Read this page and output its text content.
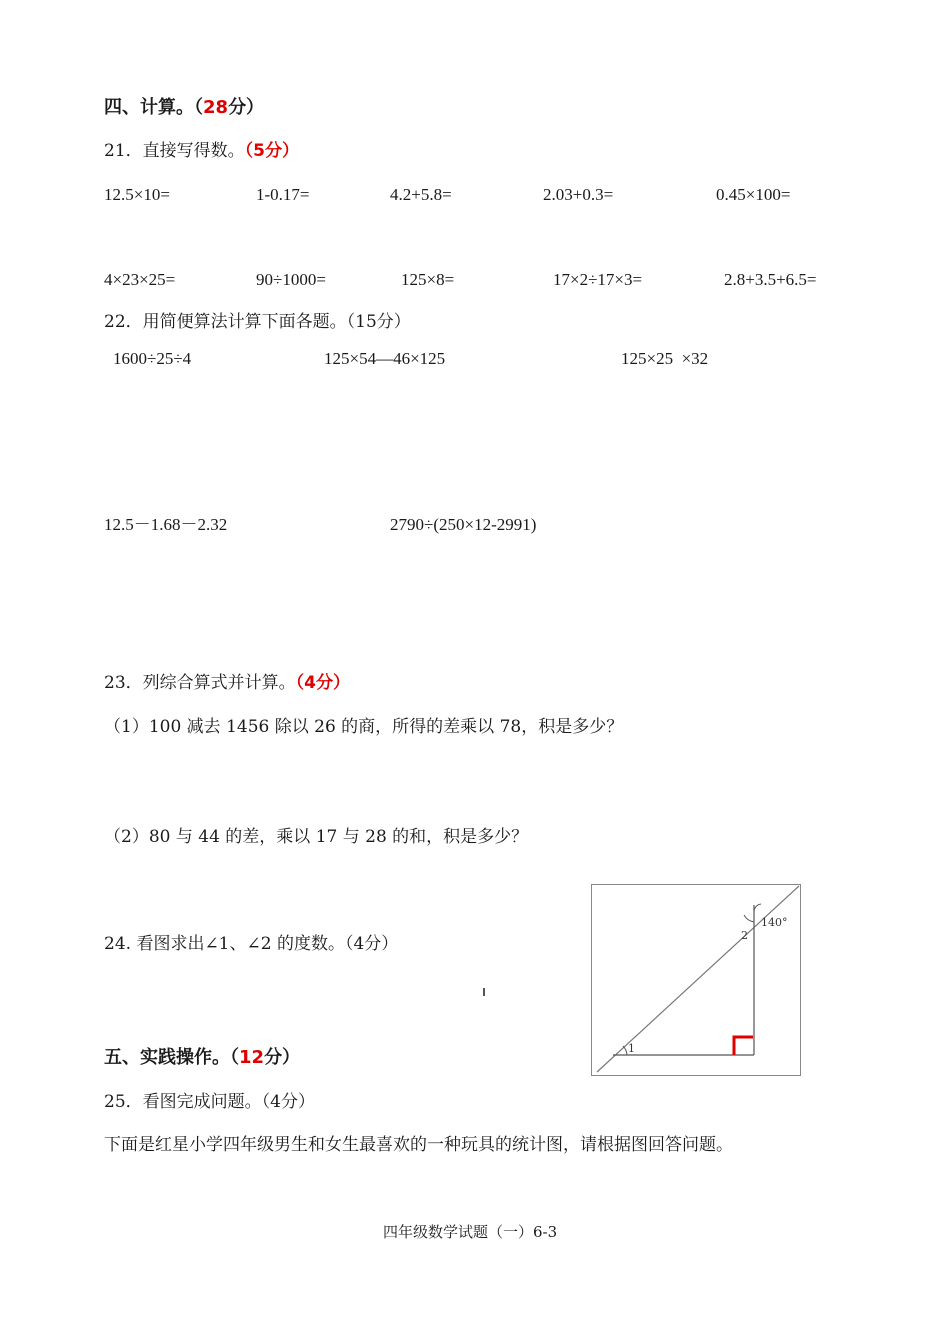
四、计算。（28分）
21．直接写得数。（5分）
12.5×10=	1-0.17=	4.2+5.8=	2.03+0.3=	0.45×100=
4×23×25=	90÷1000=	125×8=	17×2÷17×3=	2.8+3.5+6.5=
22．用简便算法计算下面各题。（15分）
1600÷25÷4	125×54—46×125	125×25  ×32
12.5－1.68－2.32	2790÷(250×12-2991)
23．列综合算式并计算。（4分）
（1）100 减去 1456 除以 26 的商，所得的差乘以 78，积是多少？
（2）80 与 44 的差，乘以 17 与 28 的和，积是多少？
24. 看图求出∠1、∠2 的度数。（4分）
1
2
140°
五、实践操作。（12分）
25．看图完成问题。（4分）
下面是红星小学四年级男生和女生最喜欢的一种玩具的统计图，请根据图回答问题。
四年级数学试题（一）6-3
